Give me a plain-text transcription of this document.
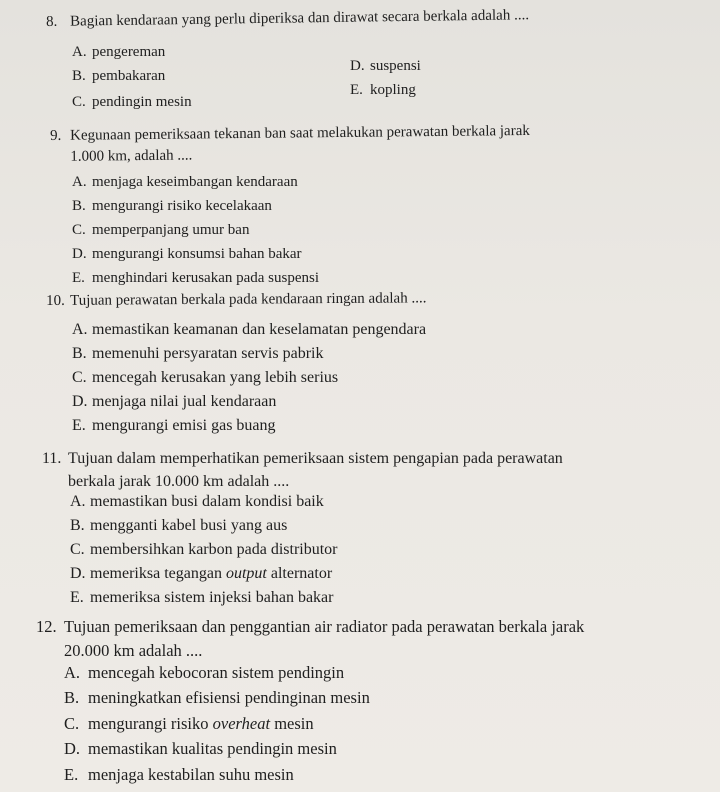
8. Bagian kendaraan yang perlu diperiksa dan dirawat secara berkala adalah ....
A. pengereman
B. pembakaran
C. pendingin mesin
D. suspensi
E. kopling
9. Kegunaan pemeriksaan tekanan ban saat melakukan perawatan berkala jarak
1.000 km, adalah ....
A. menjaga keseimbangan kendaraan
B. mengurangi risiko kecelakaan
C. memperpanjang umur ban
D. mengurangi konsumsi bahan bakar
E. menghindari kerusakan pada suspensi
10. Tujuan perawatan berkala pada kendaraan ringan adalah ....
A. memastikan keamanan dan keselamatan pengendara
B. memenuhi persyaratan servis pabrik
C. mencegah kerusakan yang lebih serius
D. menjaga nilai jual kendaraan
E. mengurangi emisi gas buang
11. Tujuan dalam memperhatikan pemeriksaan sistem pengapian pada perawatan
berkala jarak 10.000 km adalah ....
A. memastikan busi dalam kondisi baik
B. mengganti kabel busi yang aus
C. membersihkan karbon pada distributor
D. memeriksa tegangan output alternator
E. memeriksa sistem injeksi bahan bakar
12. Tujuan pemeriksaan dan penggantian air radiator pada perawatan berkala jarak
20.000 km adalah ....
A. mencegah kebocoran sistem pendingin
B. meningkatkan efisiensi pendinginan mesin
C. mengurangi risiko overheat mesin
D. memastikan kualitas pendingin mesin
E. menjaga kestabilan suhu mesin
